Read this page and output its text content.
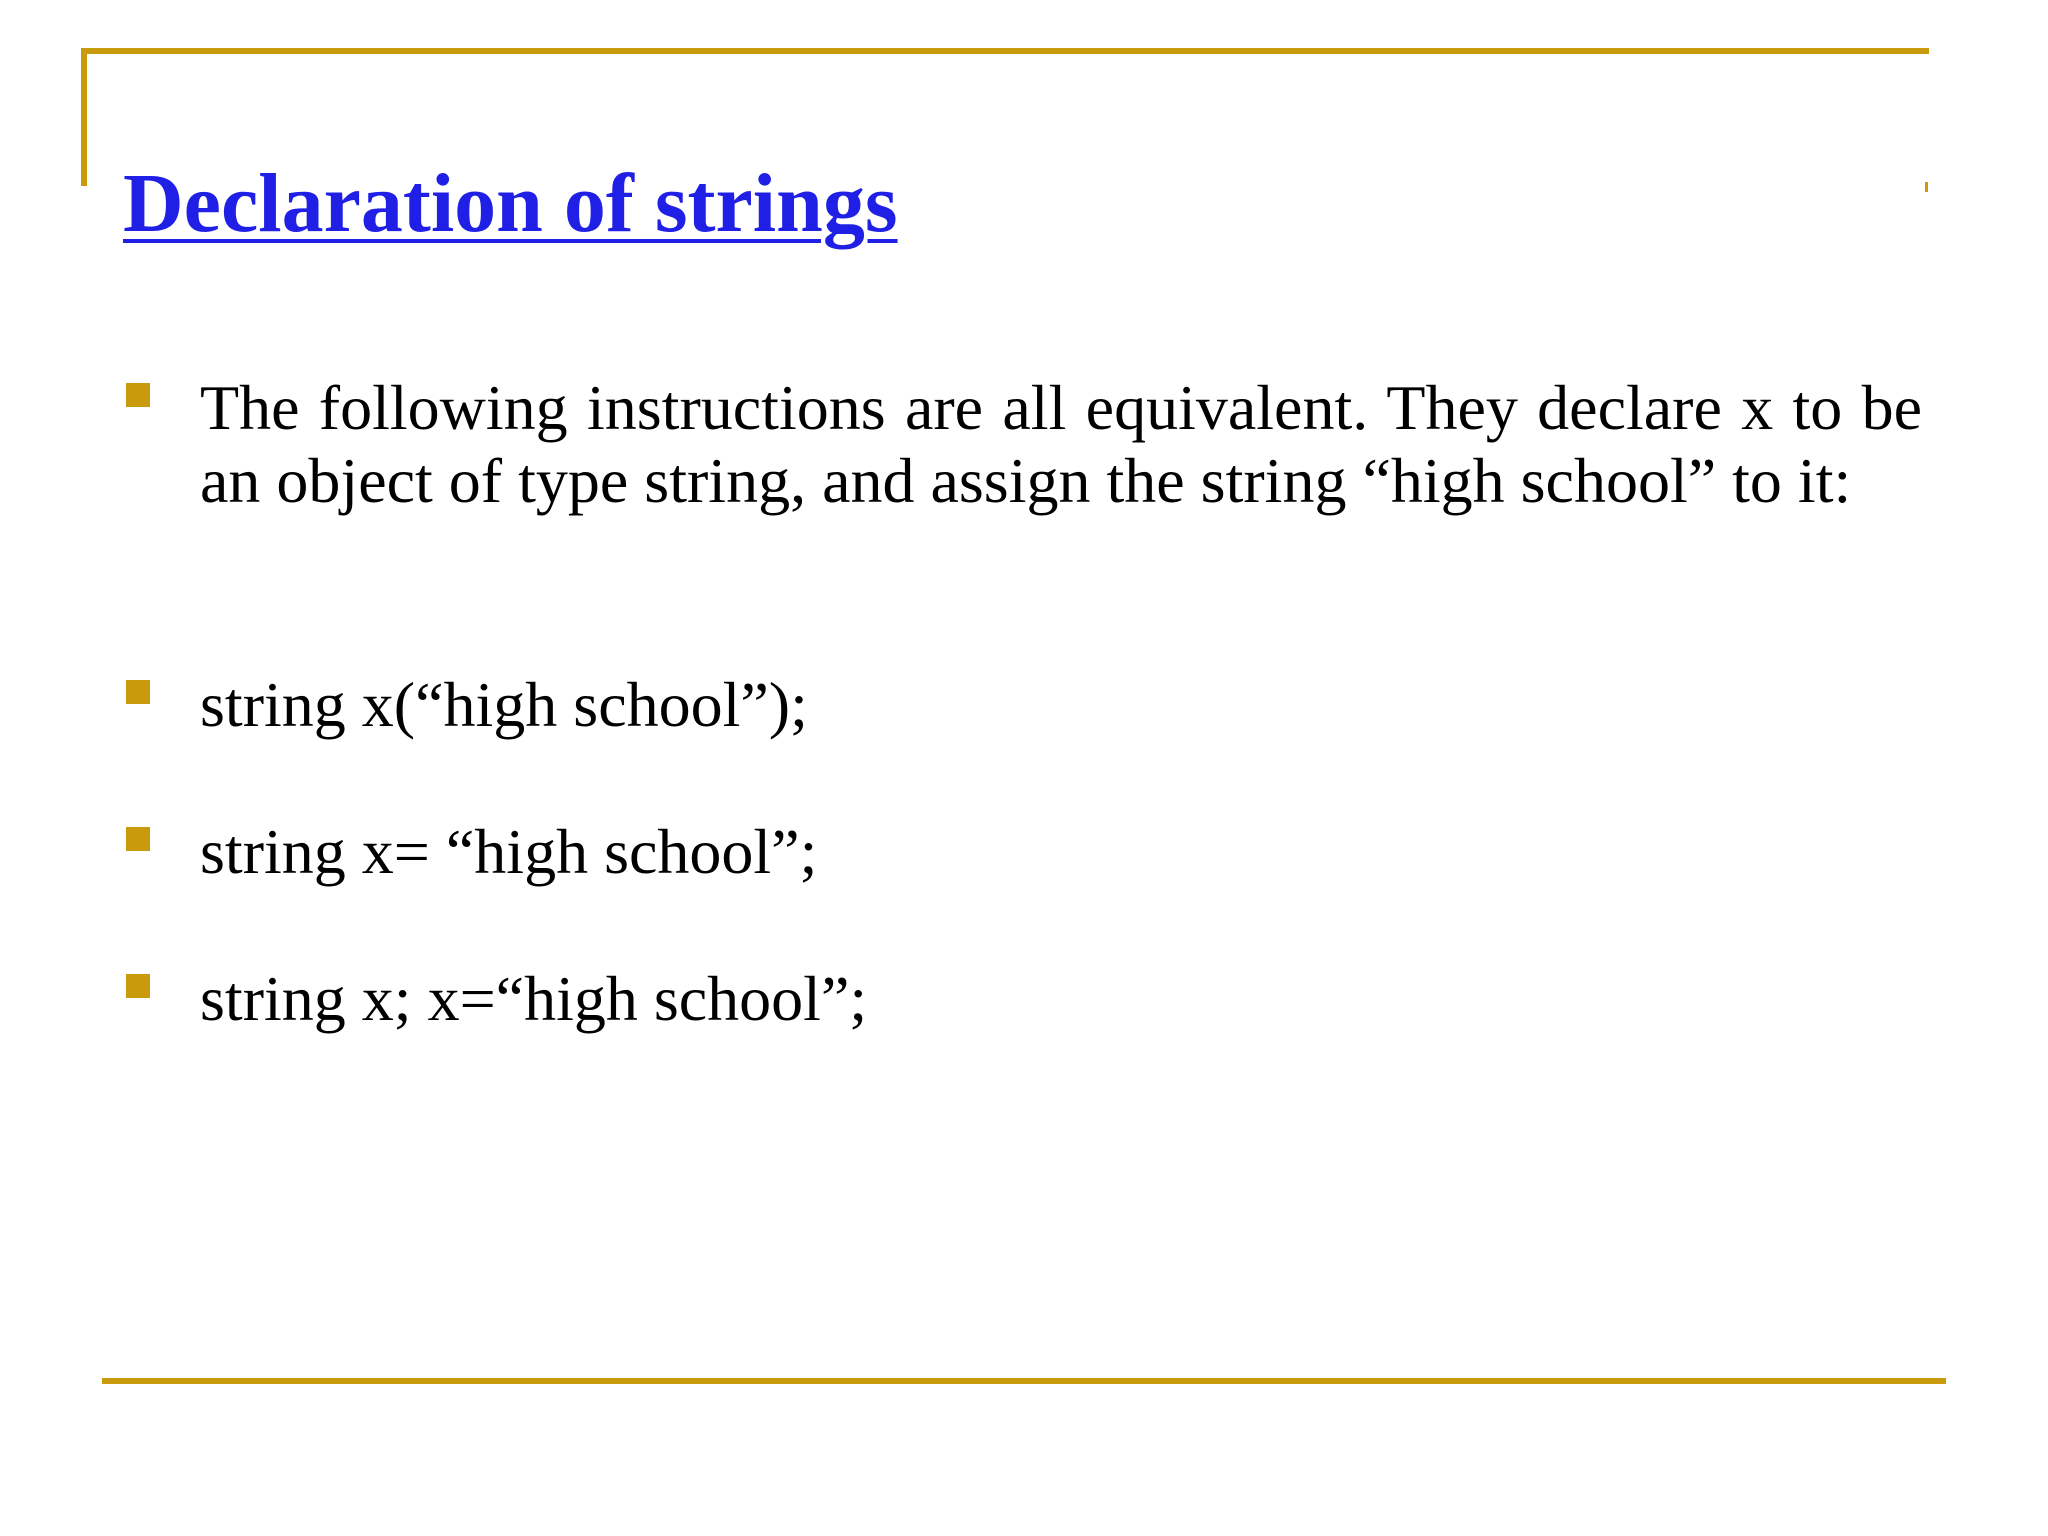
Declaration of strings

The following instructions are all equivalent. They declare x to be an object of type string, and assign the string “high school” to it:

string x(“high school”);

string x= “high school”;

string x; x=“high school”;
